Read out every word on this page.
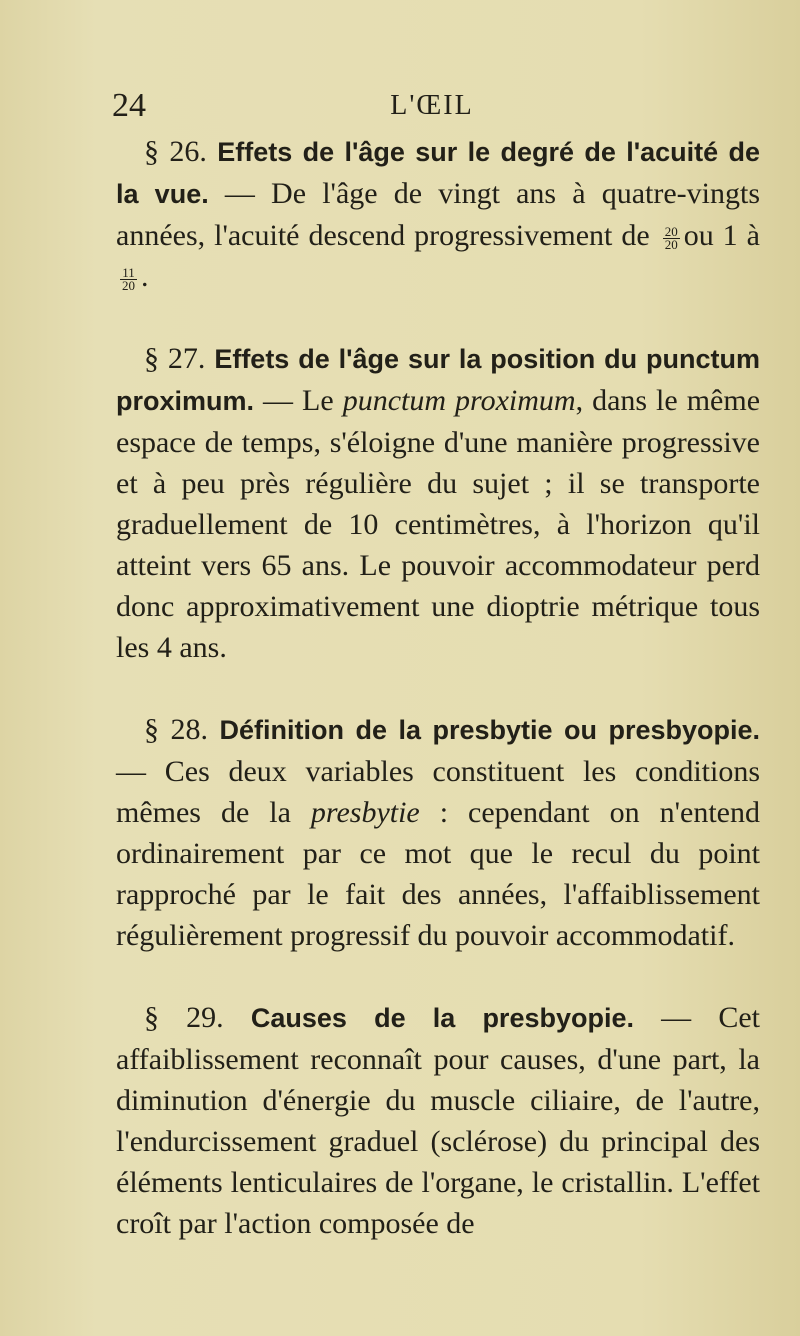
24	L'ŒIL

§ 26. Effets de l'âge sur le degré de l'acuité de la vue. — De l'âge de vingt ans à quatre-vingts années, l'acuité descend progressivement de $\frac{20}{20}$ ou 1 à
$\frac{11}{20}$ .

§ 27. Effets de l'âge sur la position du punctum proximum. — Le punctum proximum, dans le même espace de temps, s'éloigne d'une manière progressive et à peu près régulière du sujet ; il se transporte graduellement de 10 centimètres, à l'horizon qu'il atteint vers 65 ans. Le pouvoir accommodateur perd donc approximativement une dioptrie métrique tous les 4 ans.

§ 28. Définition de la presbytie ou presbyopie. — Ces deux variables constituent les conditions mêmes de la presbytie : cependant on n'entend ordinairement par ce mot que le recul du point rapproché par le fait des années, l'affaiblissement régulièrement progressif du pouvoir accommodatif.

§ 29. Causes de la presbyopie. — Cet affaiblissement reconnaît pour causes, d'une part, la diminution d'énergie du muscle ciliaire, de l'autre, l'endurcissement graduel (sclérose) du principal des éléments lenticulaires de l'organe, le cristallin. L'effet croît par l'action composée de
